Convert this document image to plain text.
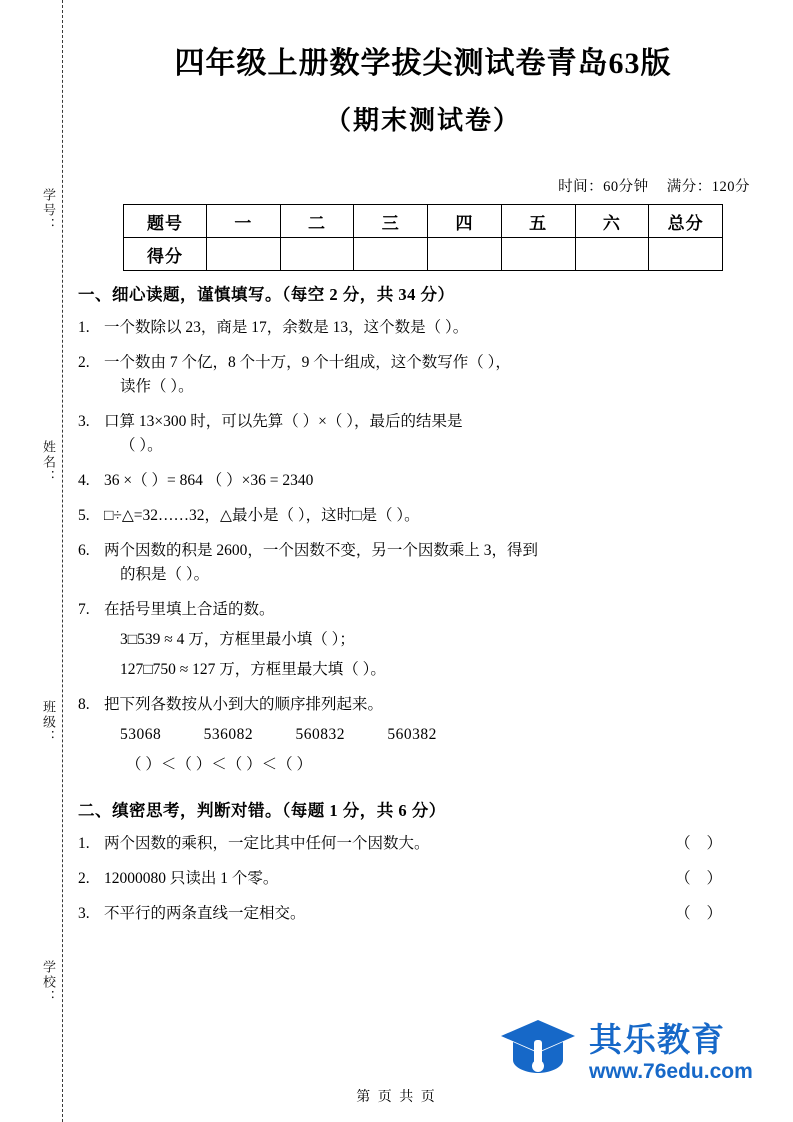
学号：
姓名：
班级：
学校：
四年级上册数学拔尖测试卷青岛63版
（期末测试卷）
时间：60分钟 满分：120分
题号	一	二	三	四	五	六	总分
得分							
一、细心读题，谨慎填写。（每空 2 分，共 34 分）
1. 一个数除以 23，商是 17，余数是 13，这个数是（ ）。
2. 一个数由 7 个亿，8 个十万，9 个十组成，这个数写作（ ），
读作（ ）。
3. 口算 13×300 时，可以先算（ ）×（ ），最后的结果是
（ ）。
4. 36 ×（ ）= 864 （ ）×36 = 2340
5. □÷△=32……32，△最小是（ ），这时□是（ ）。
6. 两个因数的积是 2600，一个因数不变，另一个因数乘上 3，得到
的积是（ ）。
7. 在括号里填上合适的数。
3□539 ≈ 4 万，方框里最小填（ ）；
127□750 ≈ 127 万，方框里最大填（ ）。
8. 把下列各数按从小到大的顺序排列起来。
53068	536082	560832	560382
（ ）＜（ ）＜（ ）＜（ ）
二、缜密思考，判断对错。（每题 1 分，共 6 分）
1.	（ ）
两个因数的乘积，一定比其中任何一个因数大。
2.	（ ）
12000080 只读出 1 个零。
3.	（ ）
不平行的两条直线一定相交。
其乐教育
www.76edu.com
第 页 共 页
